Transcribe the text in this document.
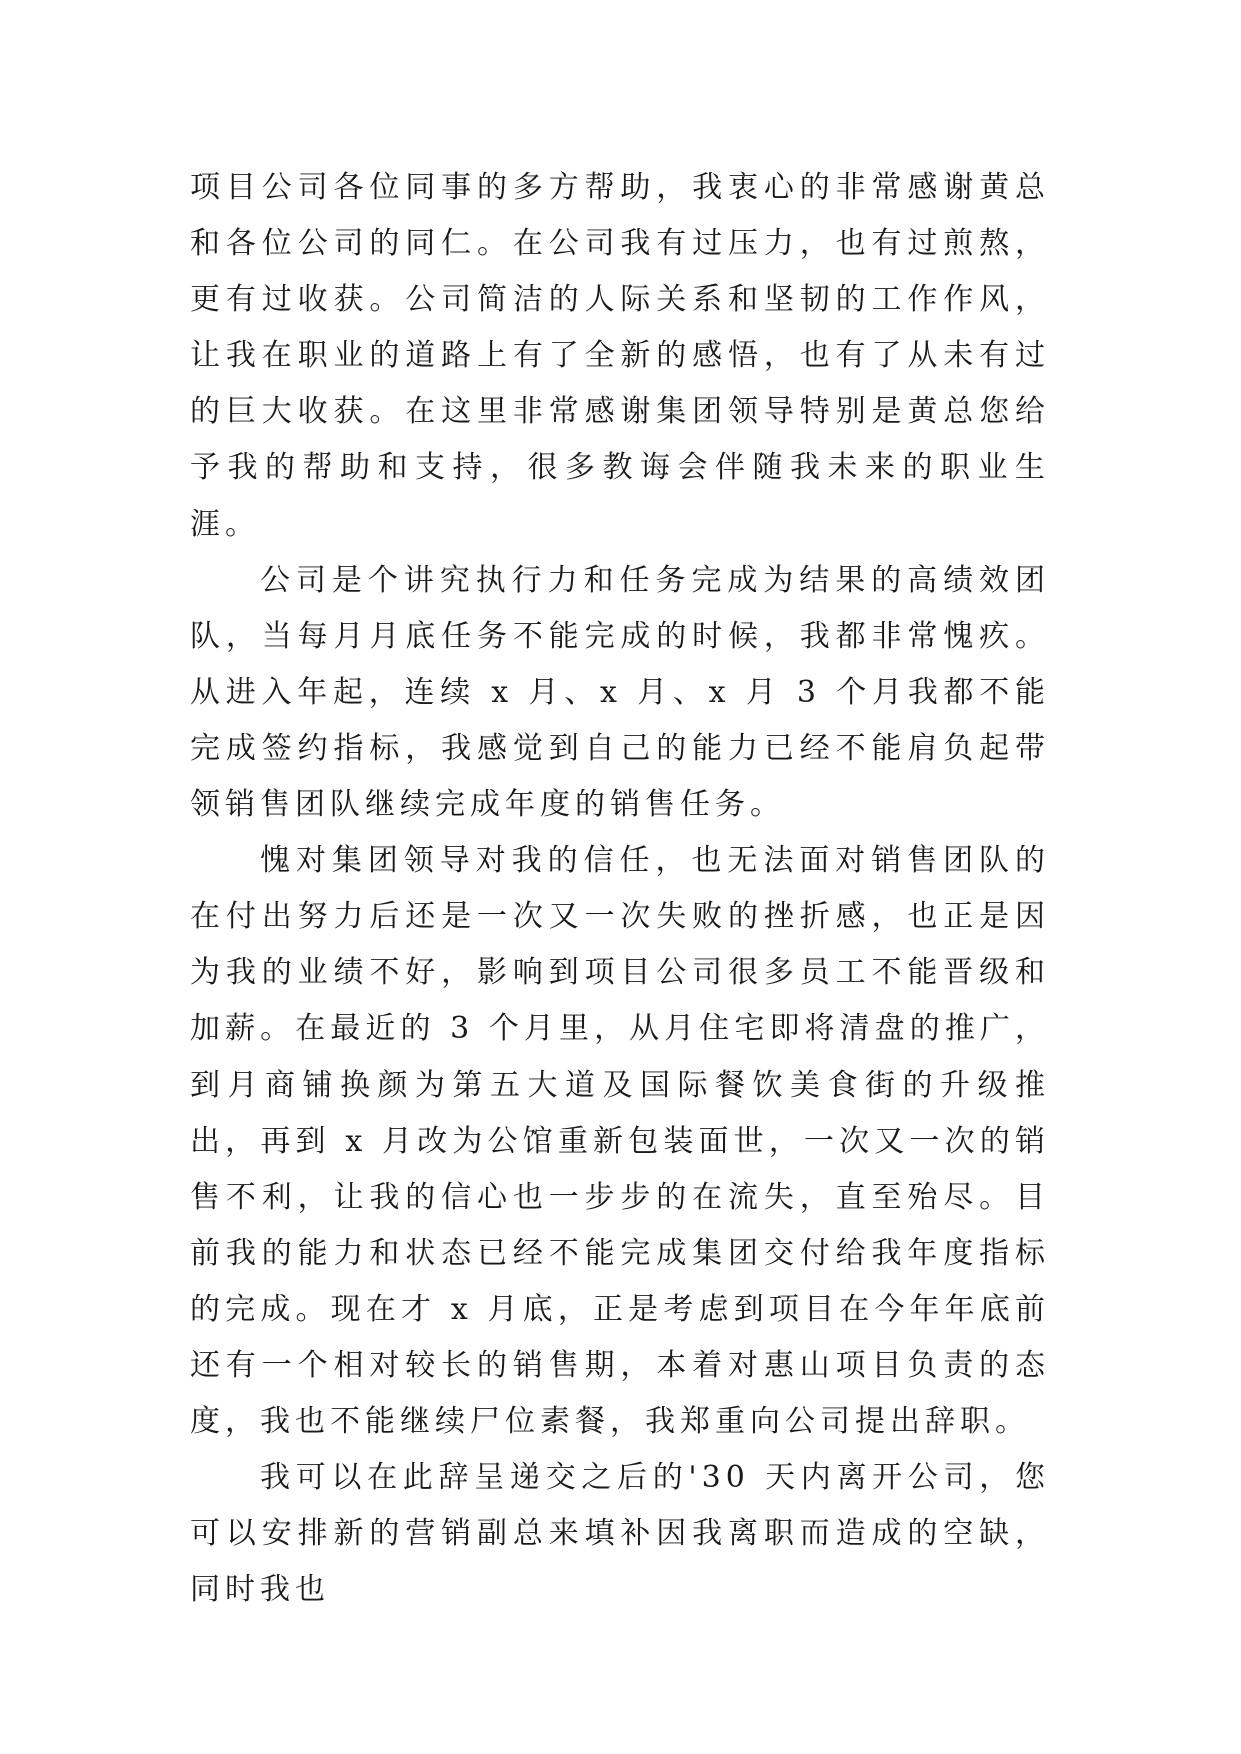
项目公司各位同事的多方帮助，我衷心的非常感谢黄总和各位公司的同仁。在公司我有过压力，也有过煎熬，更有过收获。公司简洁的人际关系和坚韧的工作作风，让我在职业的道路上有了全新的感悟，也有了从未有过的巨大收获。在这里非常感谢集团领导特别是黄总您给予我的帮助和支持，很多教诲会伴随我未来的职业生涯。

公司是个讲究执行力和任务完成为结果的高绩效团队，当每月月底任务不能完成的时候，我都非常愧疚。从进入年起，连续 x 月、x 月、x 月 3 个月我都不能完成签约指标，我感觉到自己的能力已经不能肩负起带领销售团队继续完成年度的销售任务。

愧对集团领导对我的信任，也无法面对销售团队的在付出努力后还是一次又一次失败的挫折感，也正是因为我的业绩不好，影响到项目公司很多员工不能晋级和加薪。在最近的 3 个月里，从月住宅即将清盘的推广，到月商铺换颜为第五大道及国际餐饮美食街的升级推出，再到 x 月改为公馆重新包装面世，一次又一次的销售不利，让我的信心也一步步的在流失，直至殆尽。目前我的能力和状态已经不能完成集团交付给我年度指标的完成。现在才 x 月底，正是考虑到项目在今年年底前还有一个相对较长的销售期，本着对惠山项目负责的态度，我也不能继续尸位素餐，我郑重向公司提出辞职。

我可以在此辞呈递交之后的'30 天内离开公司，您可以安排新的营销副总来填补因我离职而造成的空缺，同时我也
